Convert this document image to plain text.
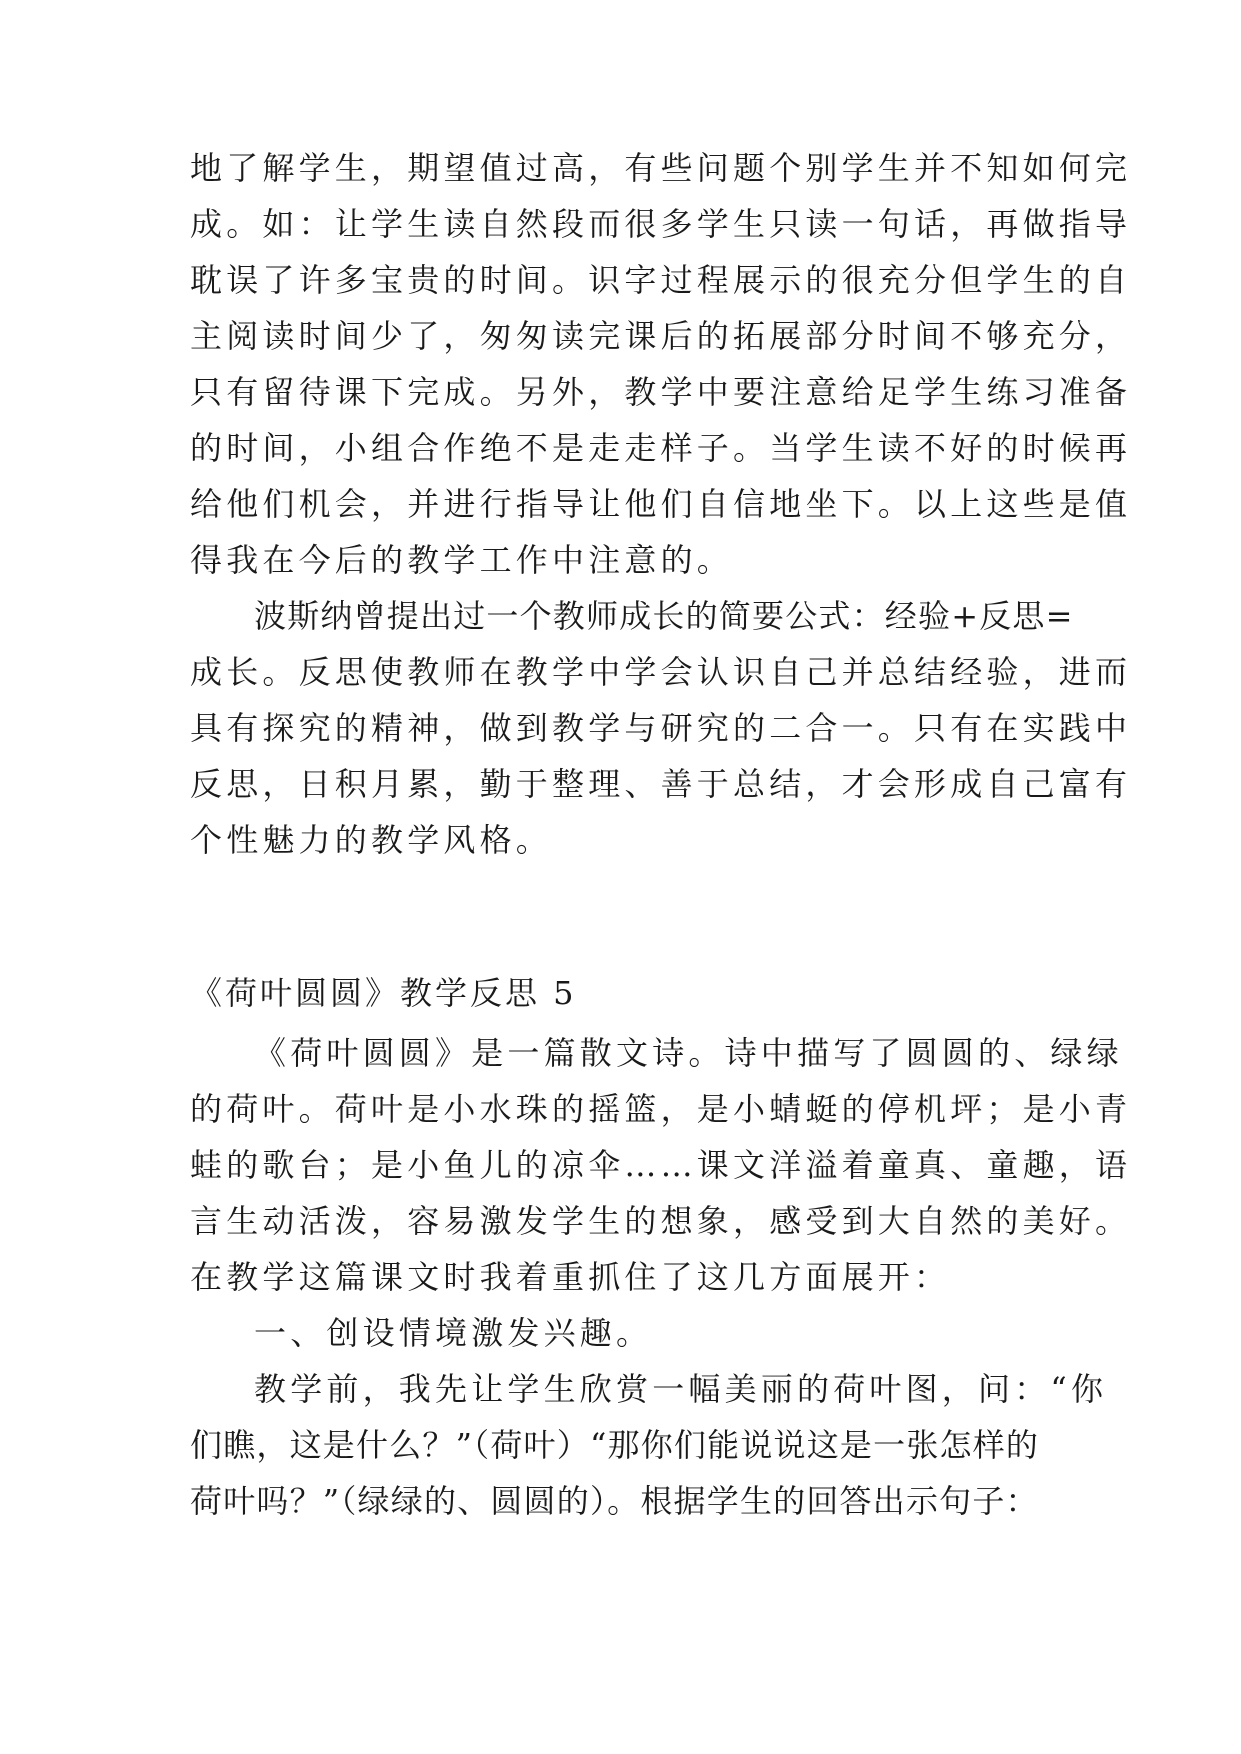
地了解学生，期望值过高，有些问题个别学生并不知如何完

成。如：让学生读自然段而很多学生只读一句话，再做指导

耽误了许多宝贵的时间。识字过程展示的很充分但学生的自

主阅读时间少了，匆匆读完课后的拓展部分时间不够充分，

只有留待课下完成。另外，教学中要注意给足学生练习准备

的时间，小组合作绝不是走走样子。当学生读不好的时候再

给他们机会，并进行指导让他们自信地坐下。以上这些是值

得我在今后的教学工作中注意的。

波斯纳曾提出过一个教师成长的简要公式：经验+反思=

成长。反思使教师在教学中学会认识自己并总结经验，进而

具有探究的精神，做到教学与研究的二合一。只有在实践中

反思，日积月累，勤于整理、善于总结，才会形成自己富有

个性魅力的教学风格。

《荷叶圆圆》教学反思 5

《荷叶圆圆》是一篇散文诗。诗中描写了圆圆的、绿绿

的荷叶。荷叶是小水珠的摇篮，是小蜻蜓的停机坪；是小青

蛙的歌台；是小鱼儿的凉伞……课文洋溢着童真、童趣，语

言生动活泼，容易激发学生的想象，感受到大自然的美好。

在教学这篇课文时我着重抓住了这几方面展开：

一、创设情境激发兴趣。

教学前，我先让学生欣赏一幅美丽的荷叶图，问：“你

们瞧，这是什么？”（荷叶）“那你们能说说这是一张怎样的

荷叶吗？”（绿绿的、圆圆的）。根据学生的回答出示句子：
